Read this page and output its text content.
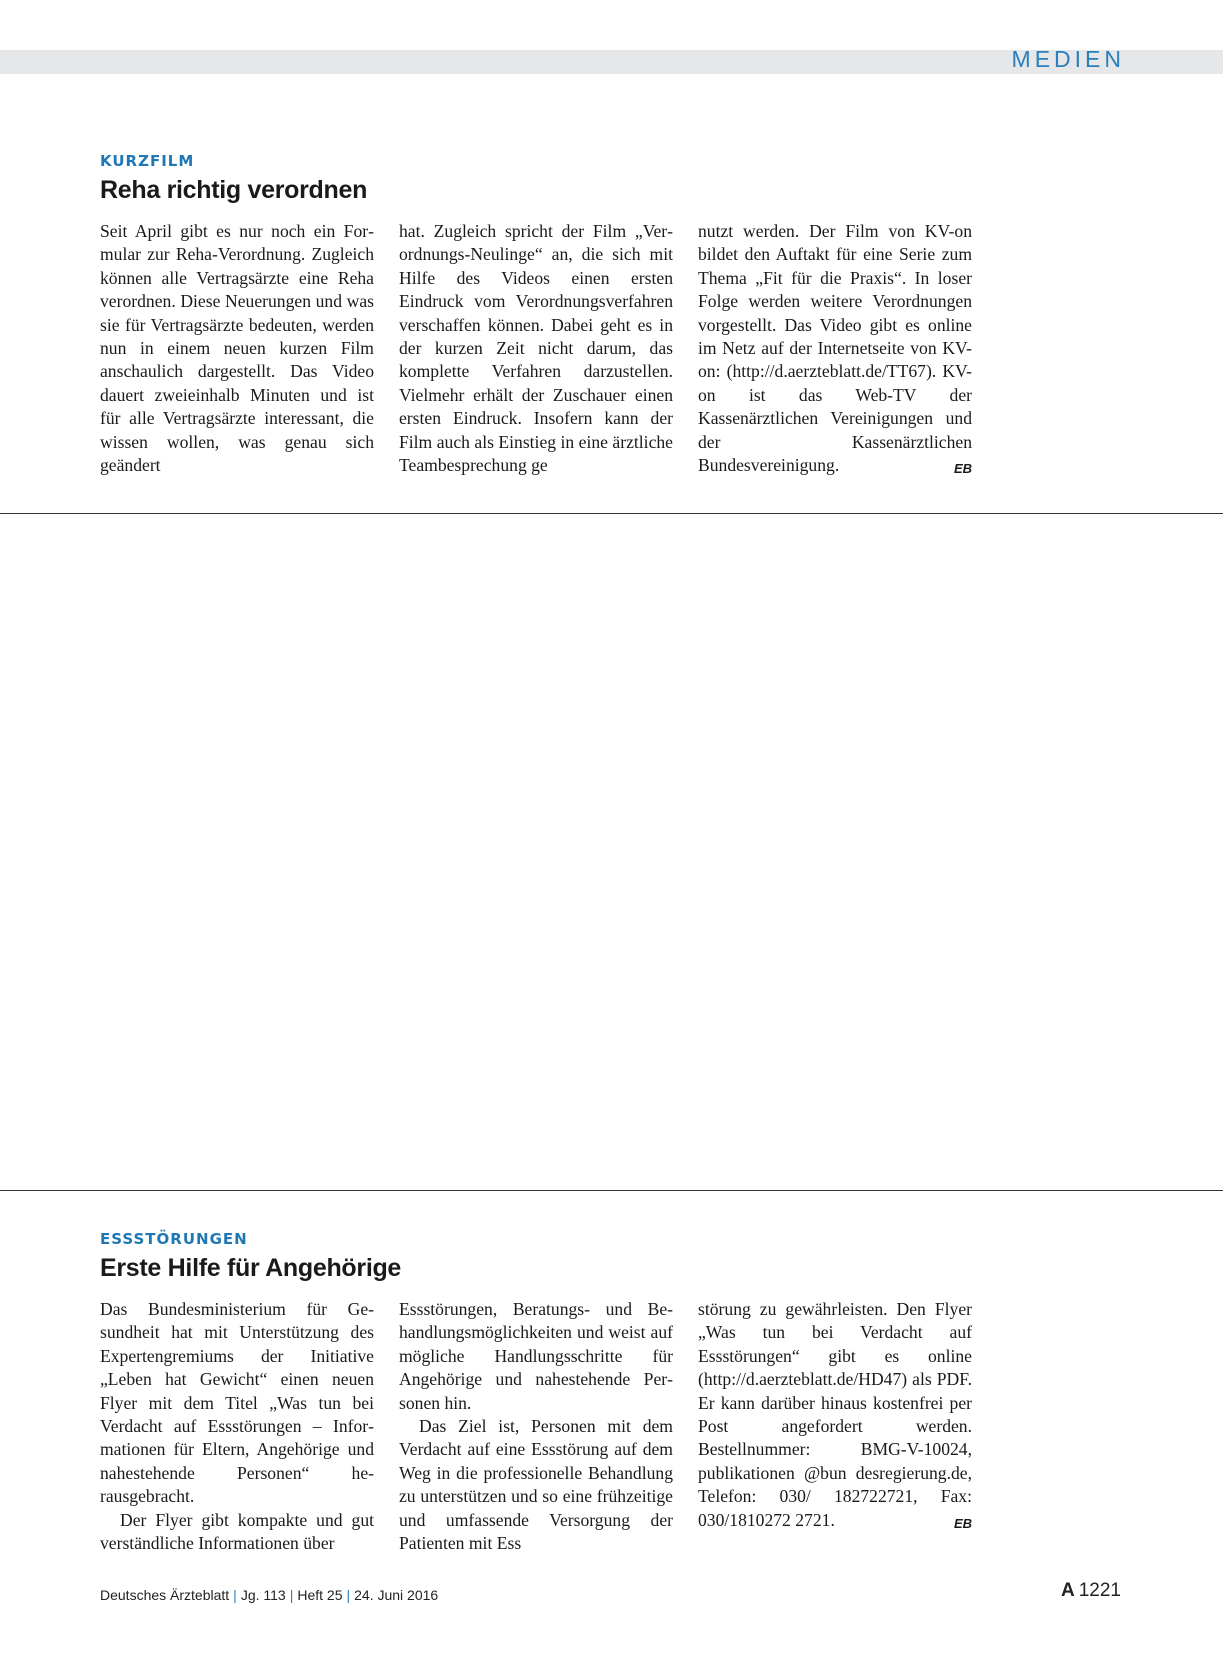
MEDIEN
KURZFILM
Reha richtig verordnen

Seit April gibt es nur noch ein Formular zur Reha-Verordnung. Zugleich können alle Vertragsärzte eine Reha verordnen. Diese Neuerungen und was sie für Vertragsärzte bedeuten, werden nun in einem neuen kurzen Film anschaulich dargestellt. Das Video dauert zweieinhalb Minuten und ist für alle Vertragsärzte interessant, die wissen wollen, was genau sich geändert

hat. Zugleich spricht der Film „Verordnungs-Neulinge“ an, die sich mit Hilfe des Videos einen ersten Eindruck vom Verordnungsverfahren verschaffen können. Dabei geht es in der kurzen Zeit nicht darum, das komplette Verfahren darzustellen. Vielmehr erhält der Zuschauer einen ersten Eindruck. Insofern kann der Film auch als Einstieg in eine ärztliche Teambesprechung ge

nutzt werden. Der Film von KV-on bildet den Auftakt für eine Serie zum Thema „Fit für die Praxis“. In loser Folge werden weitere Verordnungen vorgestellt. Das Video gibt es online im Netz auf der Internetseite von KV-on: (http://d.aerzteblatt.de/TT67). KV-on ist das Web-TV der Kassenärztlichen Vereinigungen und der Kassenärztlichen Bundesvereinigung.	EB

ESSSTÖRUNGEN
Erste Hilfe für Angehörige

Das Bundesministerium für Gesundheit hat mit Unterstützung des Expertengremiums der Initiative „Leben hat Gewicht“ einen neuen Flyer mit dem Titel „Was tun bei Verdacht auf Essstörungen – Informationen für Eltern, Angehörige und nahestehende Personen“ herausgebracht.

Der Flyer gibt kompakte und gut verständliche Informationen über

Essstörungen, Beratungs- und Behandlungsmöglichkeiten und weist auf mögliche Handlungsschritte für Angehörige und nahestehende Personen hin.

Das Ziel ist, Personen mit dem Verdacht auf eine Essstörung auf dem Weg in die professionelle Behandlung zu unterstützen und so eine frühzeitige und umfassende Versorgung der Patienten mit Ess

störung zu gewährleisten. Den Flyer „Was tun bei Verdacht auf Essstörungen“ gibt es online (http://d.aerzteblatt.de/HD47) als PDF. Er kann darüber hinaus kostenfrei per Post angefordert werden. Bestellnummer: BMG-V-10024, publikationen @bun desregierung.de, Telefon: 030/ 182722721, Fax: 030/1810272 2721.	EB

Deutsches Ärzteblatt | Jg. 113 | Heft 25 | 24. Juni 2016	A 1221
